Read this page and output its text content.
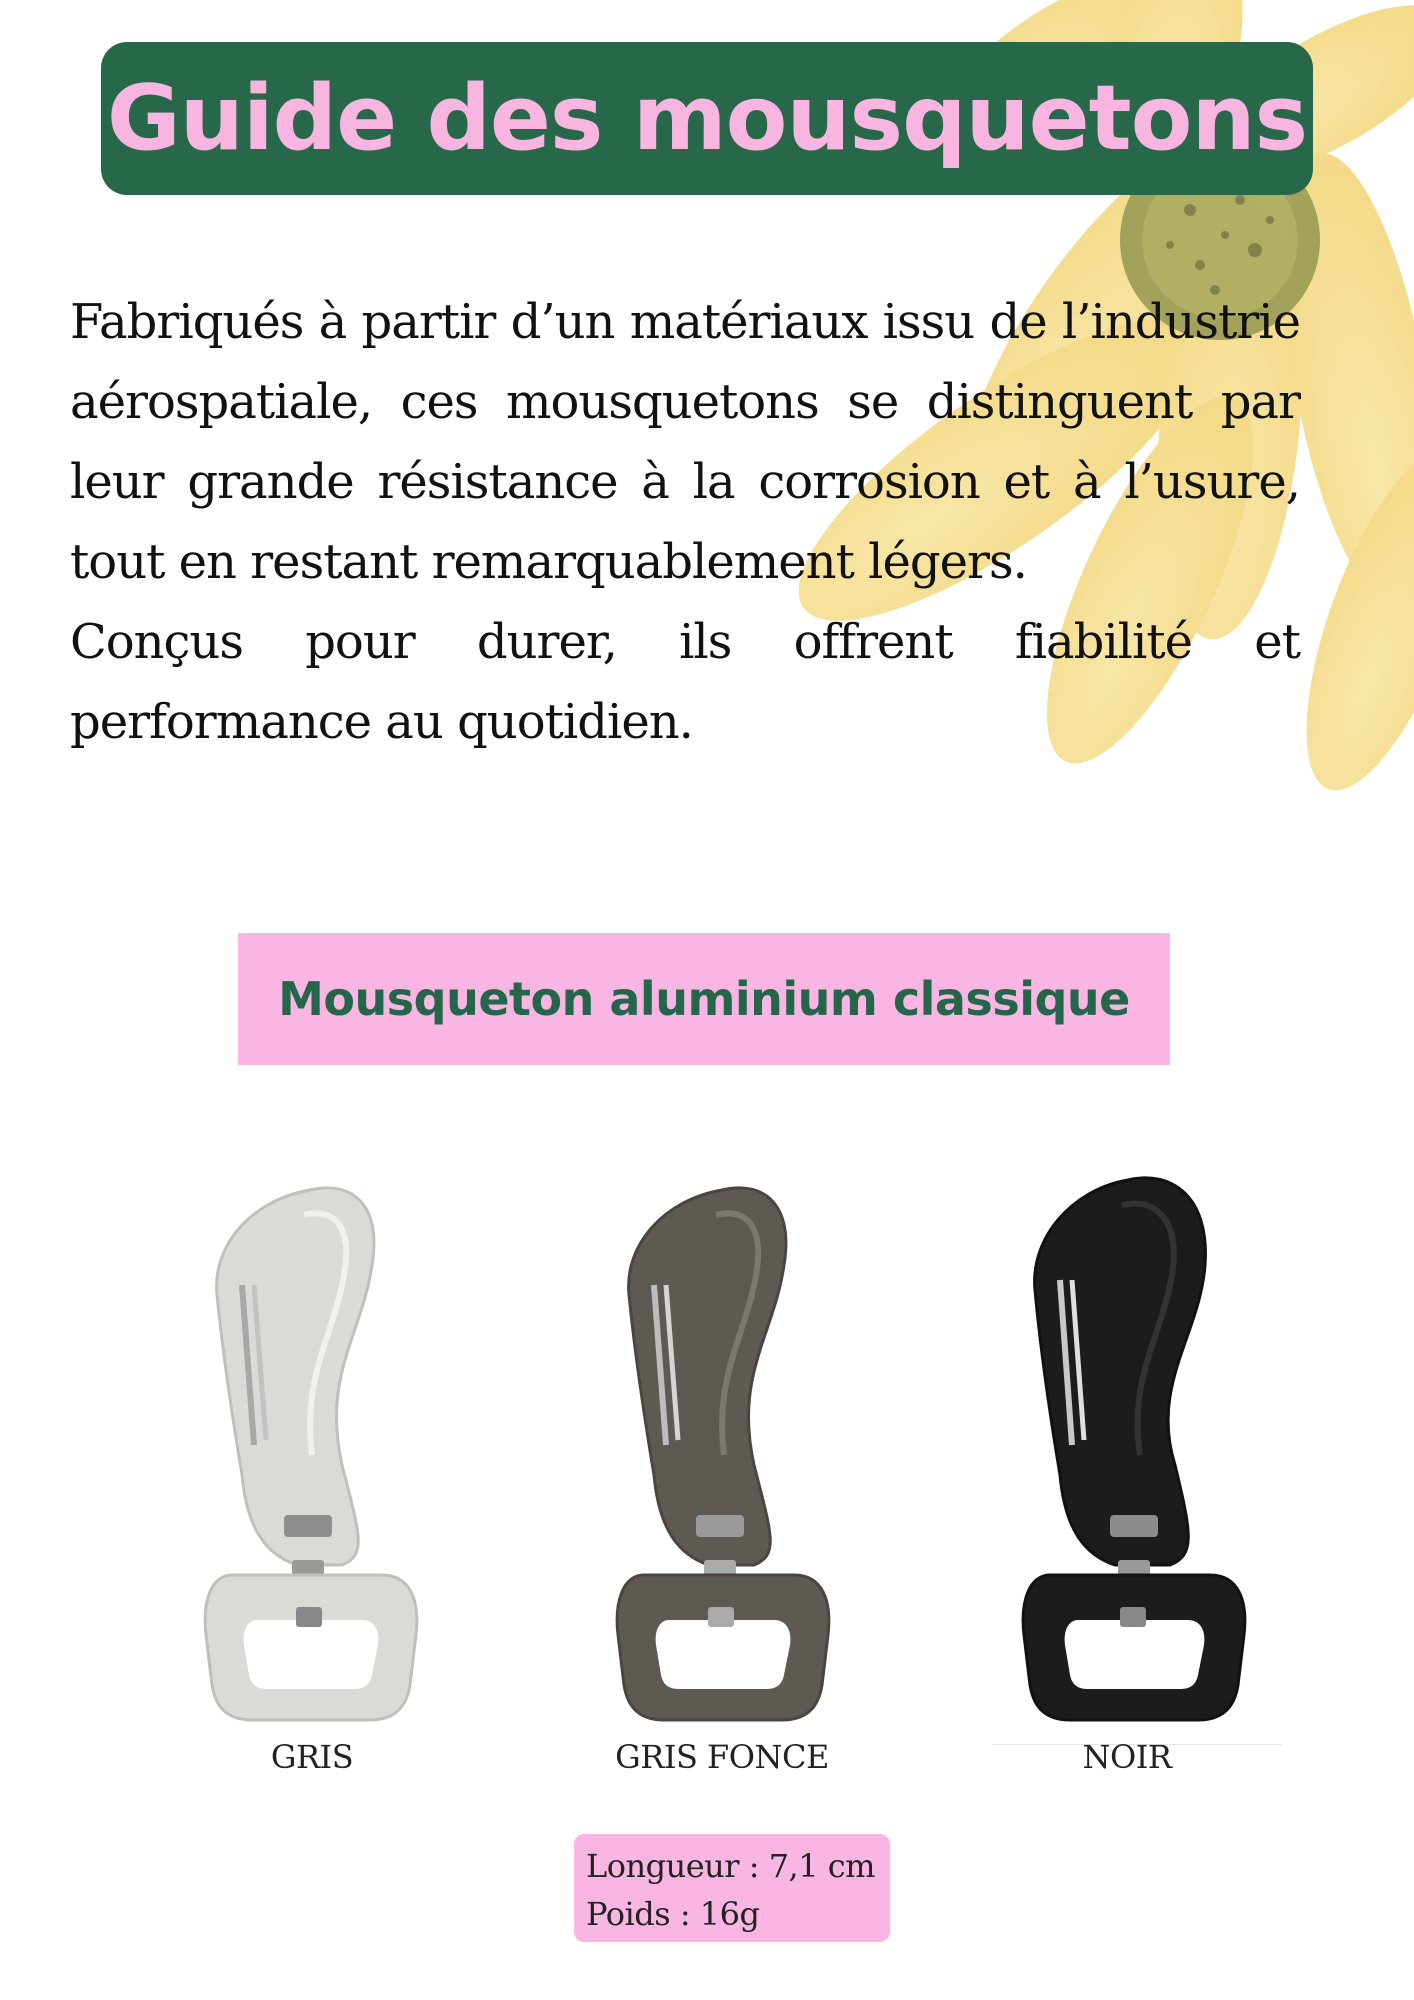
Guide des mousquetons

Fabriqués à partir d’un matériaux issu de l’industrie aérospatiale, ces mousquetons se distinguent par leur grande résistance à la corrosion et à l’usure, tout en restant remarquablement légers.

Conçus pour durer, ils offrent fiabilité et performance au quotidien.

Mousqueton aluminium classique
GRIS	GRIS FONCE	NOIR
Longueur : 7,1 cm
Poids : 16g
